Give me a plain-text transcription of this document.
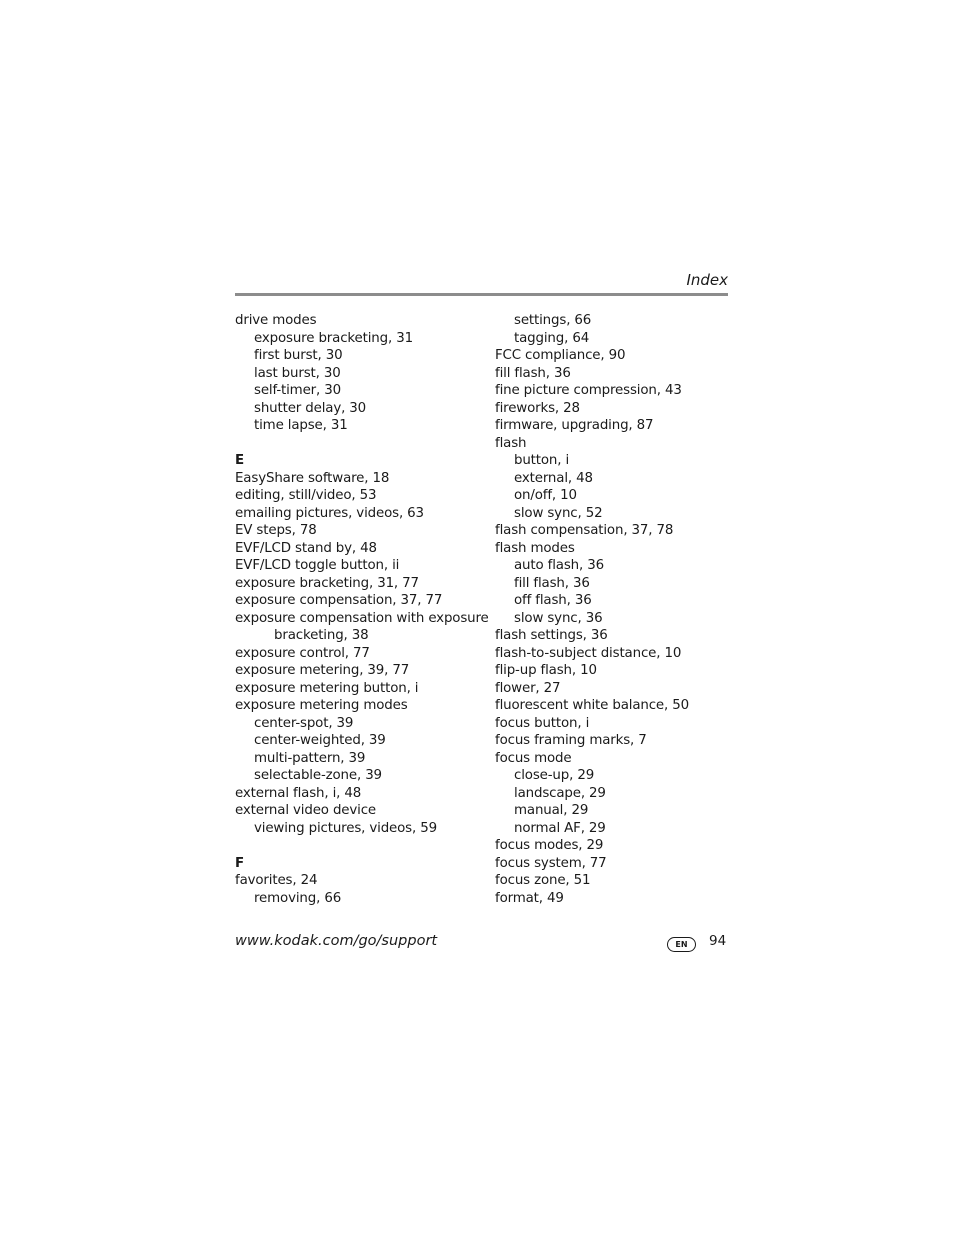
Index
drive modes
exposure bracketing, 31
first burst, 30
last burst, 30
self-timer, 30
shutter delay, 30
time lapse, 31
E
EasyShare software, 18
editing, still/video, 53
emailing pictures, videos, 63
EV steps, 78
EVF/LCD stand by, 48
EVF/LCD toggle button, ii
exposure bracketing, 31, 77
exposure compensation, 37, 77
exposure compensation with exposure
bracketing, 38
exposure control, 77
exposure metering, 39, 77
exposure metering button, i
exposure metering modes
center-spot, 39
center-weighted, 39
multi-pattern, 39
selectable-zone, 39
external flash, i, 48
external video device
viewing pictures, videos, 59
F
favorites, 24
removing, 66
settings, 66
tagging, 64
FCC compliance, 90
fill flash, 36
fine picture compression, 43
fireworks, 28
firmware, upgrading, 87
flash
button, i
external, 48
on/off, 10
slow sync, 52
flash compensation, 37, 78
flash modes
auto flash, 36
fill flash, 36
off flash, 36
slow sync, 36
flash settings, 36
flash-to-subject distance, 10
flip-up flash, 10
flower, 27
fluorescent white balance, 50
focus button, i
focus framing marks, 7
focus mode
close-up, 29
landscape, 29
manual, 29
normal AF, 29
focus modes, 29
focus system, 77
focus zone, 51
format, 49
www.kodak.com/go/support	EN	94
